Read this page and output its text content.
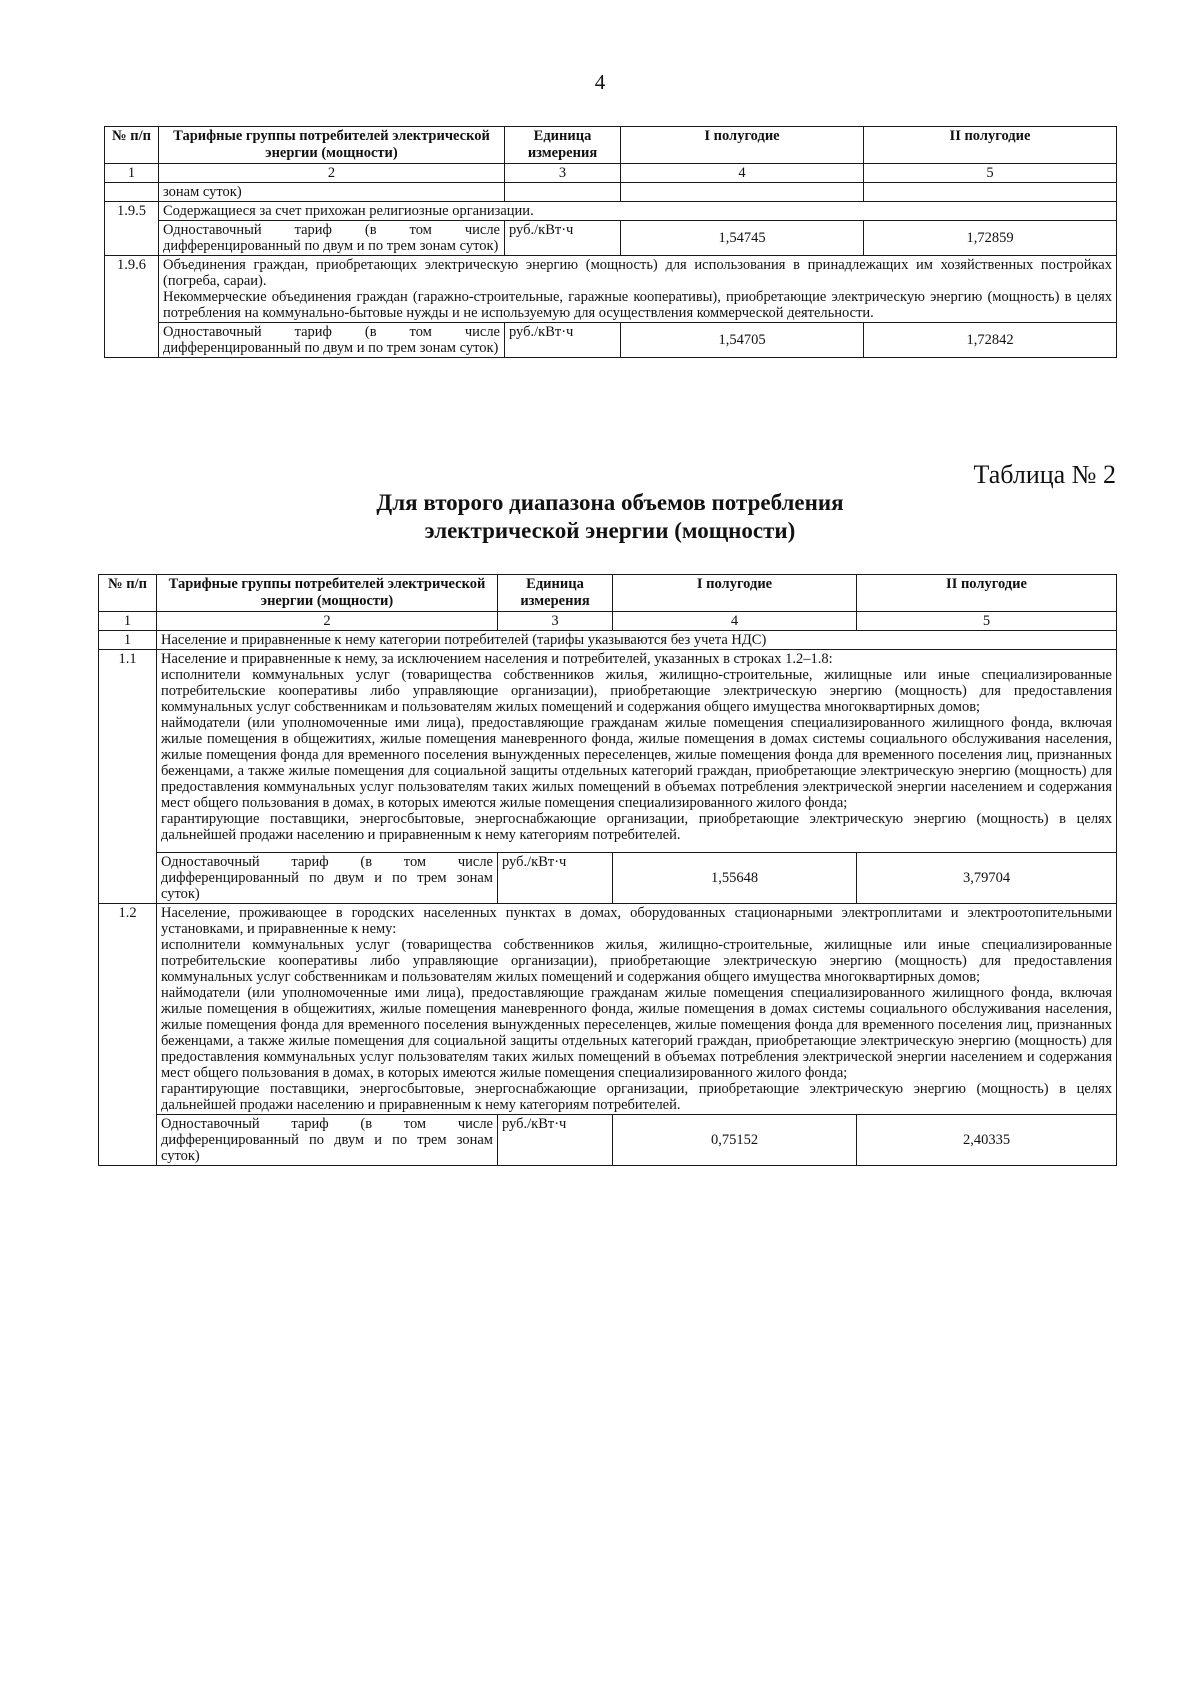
4
№ п/п	Тарифные группы потребителей электрической энергии (мощности)	Единица измерения	I полугодие	II полугодие
1	2	3	4	5
	зонам суток)			
1.9.5	Содержащиеся за счет прихожан религиозные организации.			
	Одноставочный тариф (в том числе дифференцированный по двум и по трем зонам суток)	руб./кВт·ч	1,54745	1,72859
1.9.6	Объединения граждан, приобретающих электрическую энергию (мощность) для использования в принадлежащих им хозяйственных постройках (погреба, сараи).
Некоммерческие объединения граждан (гаражно-строительные, гаражные кооперативы), приобретающие электрическую энергию (мощность) в целях потребления на коммунально-бытовые нужды и не используемую для осуществления коммерческой деятельности.			

	Одноставочный тариф (в том числе дифференцированный по двум и по трем зонам суток)	руб./кВт·ч	1,54705	1,72842
Таблица № 2
Для второго диапазона объемов потребления
электрической энергии (мощности)
№ п/п	Тарифные группы потребителей электрической энергии (мощности)	Единица измерения	I полугодие	II полугодие
1	2	3	4	5
1	Население и приравненные к нему категории потребителей (тарифы указываются без учета НДС)			
1.1	Население и приравненные к нему, за исключением населения и потребителей, указанных в строках 1.2–1.8:
исполнители коммунальных услуг (товарищества собственников жилья, жилищно-строительные, жилищные или иные специализированные потребительские кооперативы либо управляющие организации), приобретающие электрическую энергию (мощность) для предоставления коммунальных услуг собственникам и пользователям жилых помещений и содержания общего имущества многоквартирных домов;
наймодатели (или уполномоченные ими лица), предоставляющие гражданам жилые помещения специализированного жилищного фонда, включая жилые помещения в общежитиях, жилые помещения маневренного фонда, жилые помещения в домах системы социального обслуживания населения, жилые помещения фонда для временного поселения вынужденных переселенцев, жилые помещения фонда для временного поселения лиц, признанных беженцами, а также жилые помещения для социальной защиты отдельных категорий граждан, приобретающие электрическую энергию (мощность) для предоставления коммунальных услуг пользователям таких жилых помещений в объемах потребления электрической энергии населением и содержания мест общего пользования в домах, в которых имеются жилые помещения специализированного жилого фонда;
гарантирующие поставщики, энергосбытовые, энергоснабжающие организации, приобретающие электрическую энергию (мощность) в целях дальнейшей продажи населению и приравненным к нему категориям потребителей.			

	Одноставочный тариф (в том числе дифференцированный по двум и по трем зонам суток)	руб./кВт·ч	1,55648	3,79704
1.2	Население, проживающее в городских населенных пунктах в домах, оборудованных стационарными электроплитами и электроотопительными установками, и приравненные к нему:
исполнители коммунальных услуг (товарищества собственников жилья, жилищно-строительные, жилищные или иные специализированные потребительские кооперативы либо управляющие организации), приобретающие электрическую энергию (мощность) для предоставления коммунальных услуг собственникам и пользователям жилых помещений и содержания общего имущества многоквартирных домов;
наймодатели (или уполномоченные ими лица), предоставляющие гражданам жилые помещения специализированного жилищного фонда, включая жилые помещения в общежитиях, жилые помещения маневренного фонда, жилые помещения в домах системы социального обслуживания населения, жилые помещения фонда для временного поселения вынужденных переселенцев, жилые помещения фонда для временного поселения лиц, признанных беженцами, а также жилые помещения для социальной защиты отдельных категорий граждан, приобретающие электрическую энергию (мощность) для предоставления коммунальных услуг пользователям таких жилых помещений в объемах потребления электрической энергии населением и содержания мест общего пользования в домах, в которых имеются жилые помещения специализированного жилого фонда;
гарантирующие поставщики, энергосбытовые, энергоснабжающие организации, приобретающие электрическую энергию (мощность) в целях дальнейшей продажи населению и приравненным к нему категориям потребителей.			

	Одноставочный тариф (в том числе дифференцированный по двум и по трем зонам суток)	руб./кВт·ч	0,75152	2,40335
